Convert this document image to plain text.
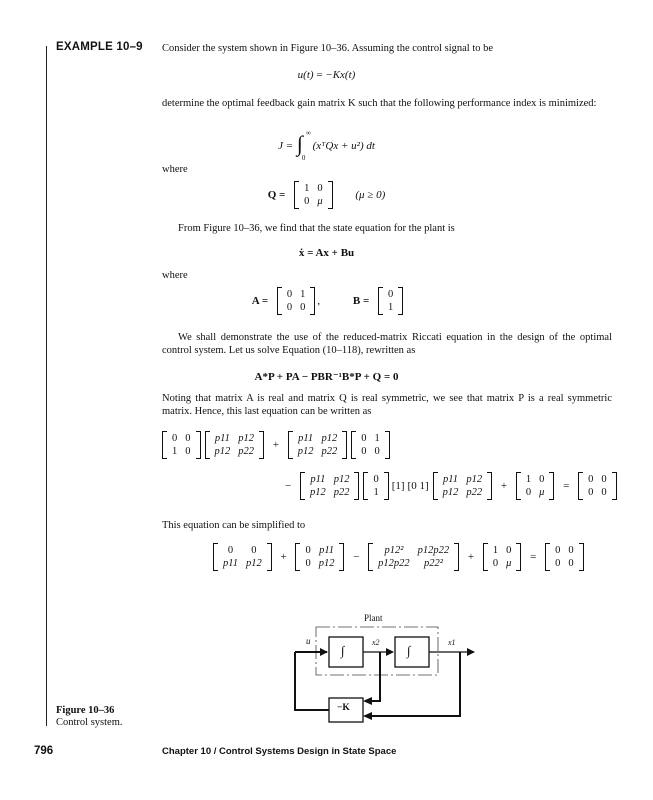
EXAMPLE 10–9 Consider the system shown in Figure 10–36. Assuming the control signal to be
u(t) = −Kx(t)
determine the optimal feedback gain matrix K such that the following performance index is minimized:
J = ∫ ∞
0
(xᵀQx + u²) dt
where
Q =
1	0
0	μ
(μ ≥ 0)
From Figure 10–36, we find that the state equation for the plant is
ẋ = Ax + Bu
where
A =
0	1
0	0
,	B =
0
1
We shall demonstrate the use of the reduced-matrix Riccati equation in the design of the optimal control system. Let us solve Equation (10–118), rewritten as
A*P + PA − PBR⁻¹B*P + Q = 0
Noting that matrix A is real and matrix Q is real symmetric, we see that matrix P is a real symmetric matrix. Hence, this last equation can be written as
0	0
1	0
p11	p12
p12	p22
+
p11	p12
p12	p22
0	1
0	0
−
p11	p12
p12	p22
0
1
[1] [0 1]
p11	p12
p12	p22
+
1	0
0	μ
=
0	0
0	0
This equation can be simplified to
0	0
p11	p12
+
0	p11
0	p12
−
p12²	p12p22
p12p22	p22²
+
1	0
0	μ
=
0	0
0	0
Plant
u	x2	x1
∫	∫
−K
Figure 10–36
Control system.
796	Chapter 10 / Control Systems Design in State Space
